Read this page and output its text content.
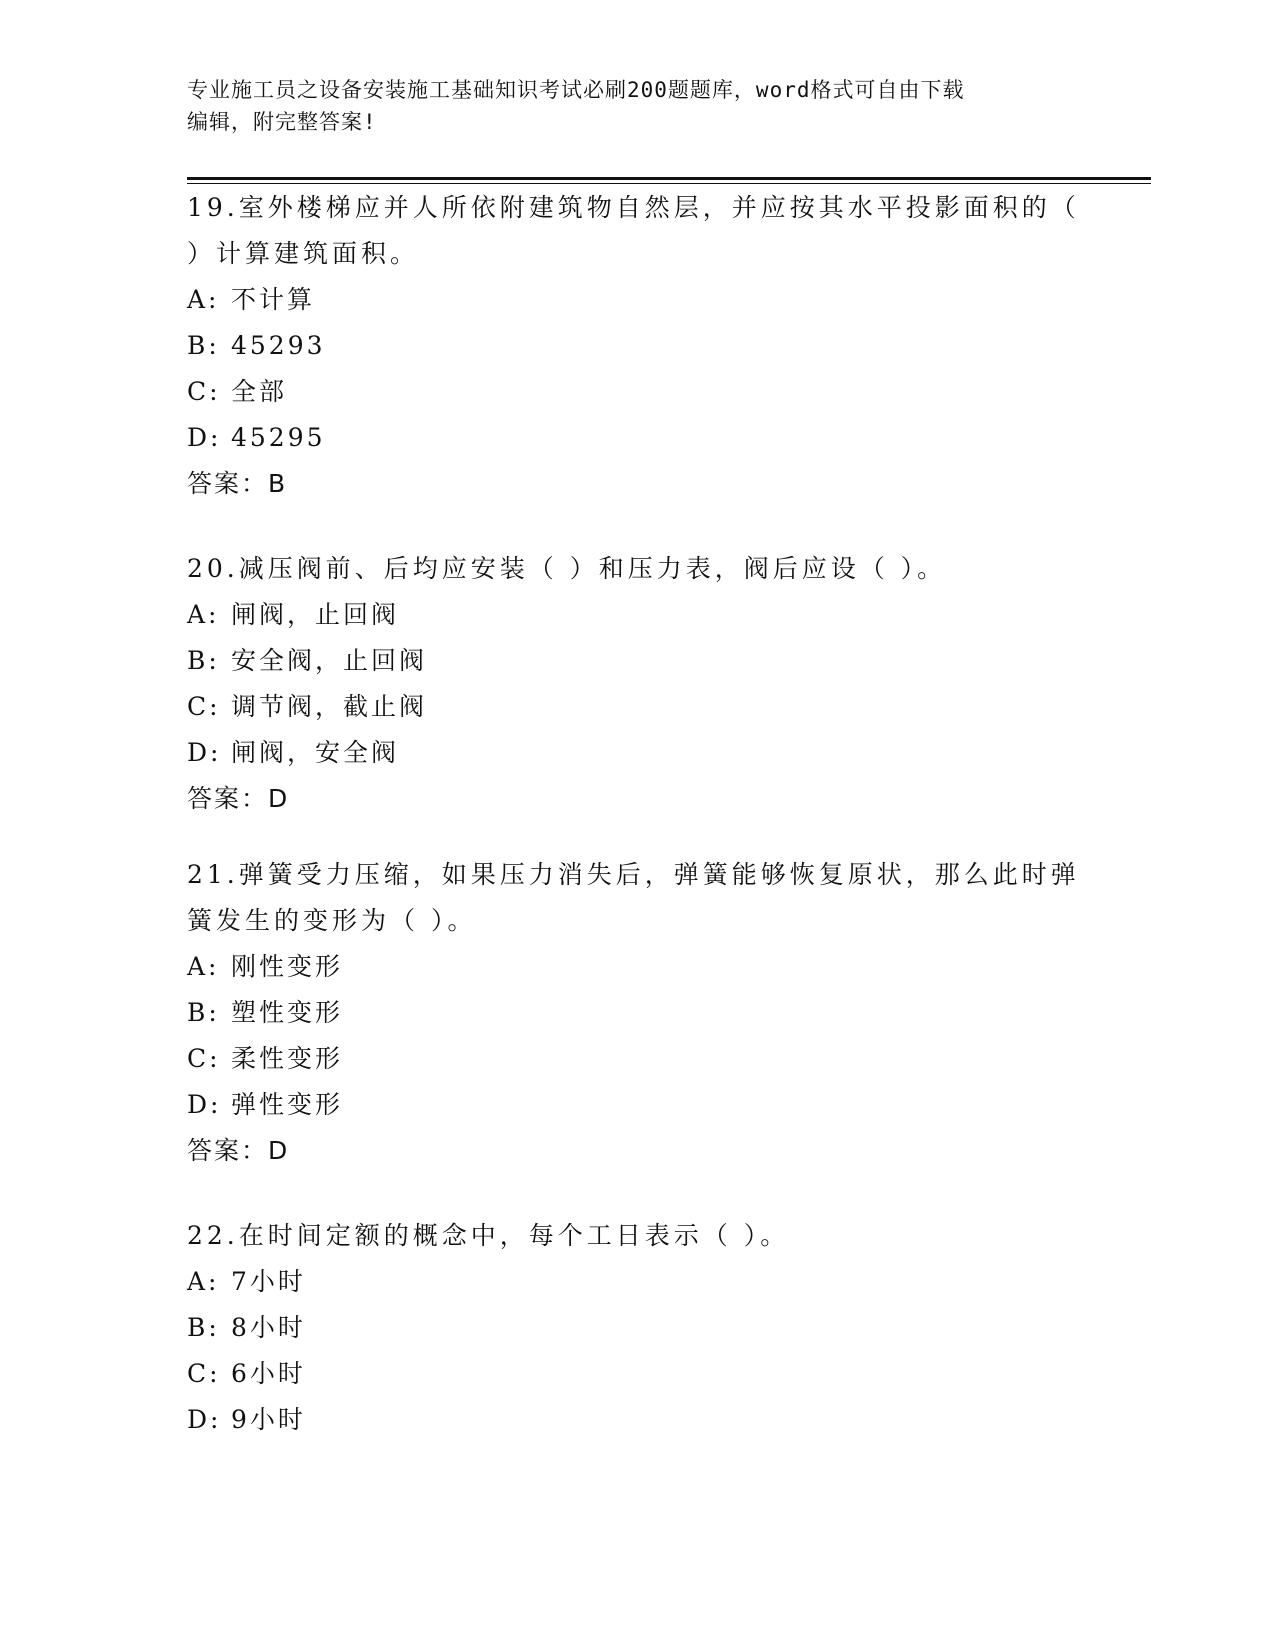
专业施工员之设备安装施工基础知识考试必刷200题题库，word格式可自由下载
编辑，附完整答案!
19.室外楼梯应并人所依附建筑物自然层，并应按其水平投影面积的（
）计算建筑面积。
A: 不计算
B: 45293
C: 全部
D: 45295
答案：B
20.减压阀前、后均应安装（ ）和压力表，阀后应设（ ）。
A: 闸阀，止回阀
B: 安全阀，止回阀
C: 调节阀，截止阀
D: 闸阀，安全阀
答案：D
21.弹簧受力压缩，如果压力消失后，弹簧能够恢复原状，那么此时弹
簧发生的变形为（ ）。
A: 刚性变形
B: 塑性变形
C: 柔性变形
D: 弹性变形
答案：D
22.在时间定额的概念中，每个工日表示（ ）。
A: 7小时
B: 8小时
C: 6小时
D: 9小时
